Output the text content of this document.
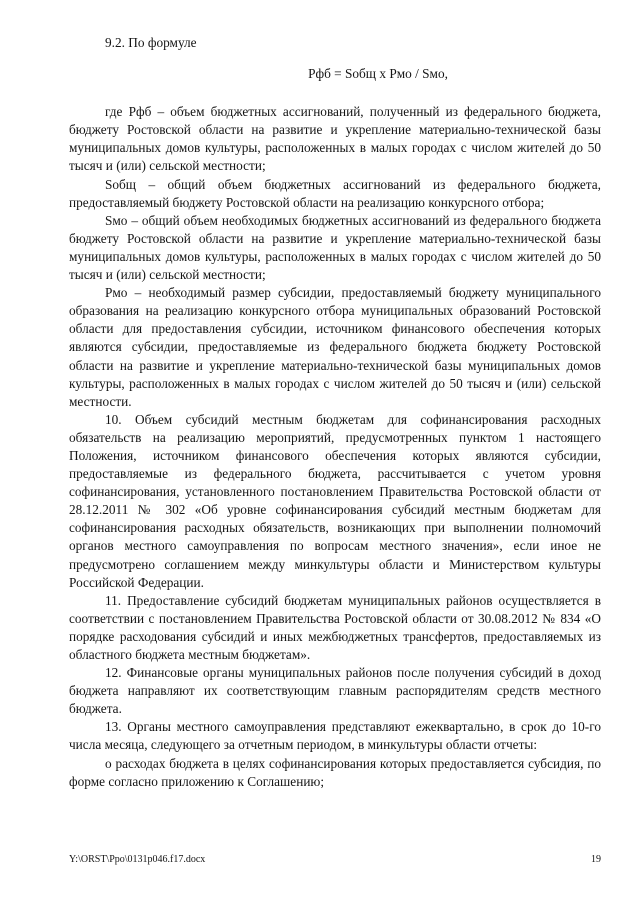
9.2. По формуле

Рфб = Sобщ x Рмо / Sмо,

где Рфб – объем бюджетных ассигнований, полученный из федерального бюджета, бюджету Ростовской области на развитие и укрепление материально-технической базы муниципальных домов культуры, расположенных в малых городах с числом жителей до 50 тысяч и (или) сельской местности;

Sобщ – общий объем бюджетных ассигнований из федерального бюджета, предоставляемый бюджету Ростовской области на реализацию конкурсного отбора;

Sмо – общий объем необходимых бюджетных ассигнований из федерального бюджета бюджету Ростовской области на развитие и укрепление материально-технической базы муниципальных домов культуры, расположенных в малых городах с числом жителей до 50 тысяч и (или) сельской местности;

Рмо – необходимый размер субсидии, предоставляемый бюджету муниципального образования на реализацию конкурсного отбора муниципальных образований Ростовской области для предоставления субсидии, источником финансового обеспечения которых являются субсидии, предоставляемые из федерального бюджета бюджету Ростовской области на развитие и укрепление материально-технической базы муниципальных домов культуры, расположенных в малых городах с числом жителей до 50 тысяч и (или) сельской местности.

10. Объем субсидий местным бюджетам для софинансирования расходных обязательств на реализацию мероприятий, предусмотренных пунктом 1 настоящего Положения, источником финансового обеспечения которых являются субсидии, предоставляемые из федерального бюджета, рассчитывается с учетом уровня софинансирования, установленного постановлением Правительства Ростовской области от 28.12.2011 № 302 «Об уровне софинансирования субсидий местным бюджетам для софинансирования расходных обязательств, возникающих при выполнении полномочий органов местного самоуправления по вопросам местного значения», если иное не предусмотрено соглашением между минкультуры области и Министерством культуры Российской Федерации.

11. Предоставление субсидий бюджетам муниципальных районов осуществляется в соответствии с постановлением Правительства Ростовской области от 30.08.2012 № 834 «О порядке расходования субсидий и иных межбюджетных трансфертов, предоставляемых из областного бюджета местным бюджетам».

12. Финансовые органы муниципальных районов после получения субсидий в доход бюджета направляют их соответствующим главным распорядителям средств местного бюджета.

13. Органы местного самоуправления представляют ежеквартально, в срок до 10-го числа месяца, следующего за отчетным периодом, в минкультуры области отчеты:

о расходах бюджета в целях софинансирования которых предоставляется субсидия, по форме согласно приложению к Соглашению;

Y:\ORST\Ppo\0131p046.f17.docx	19
